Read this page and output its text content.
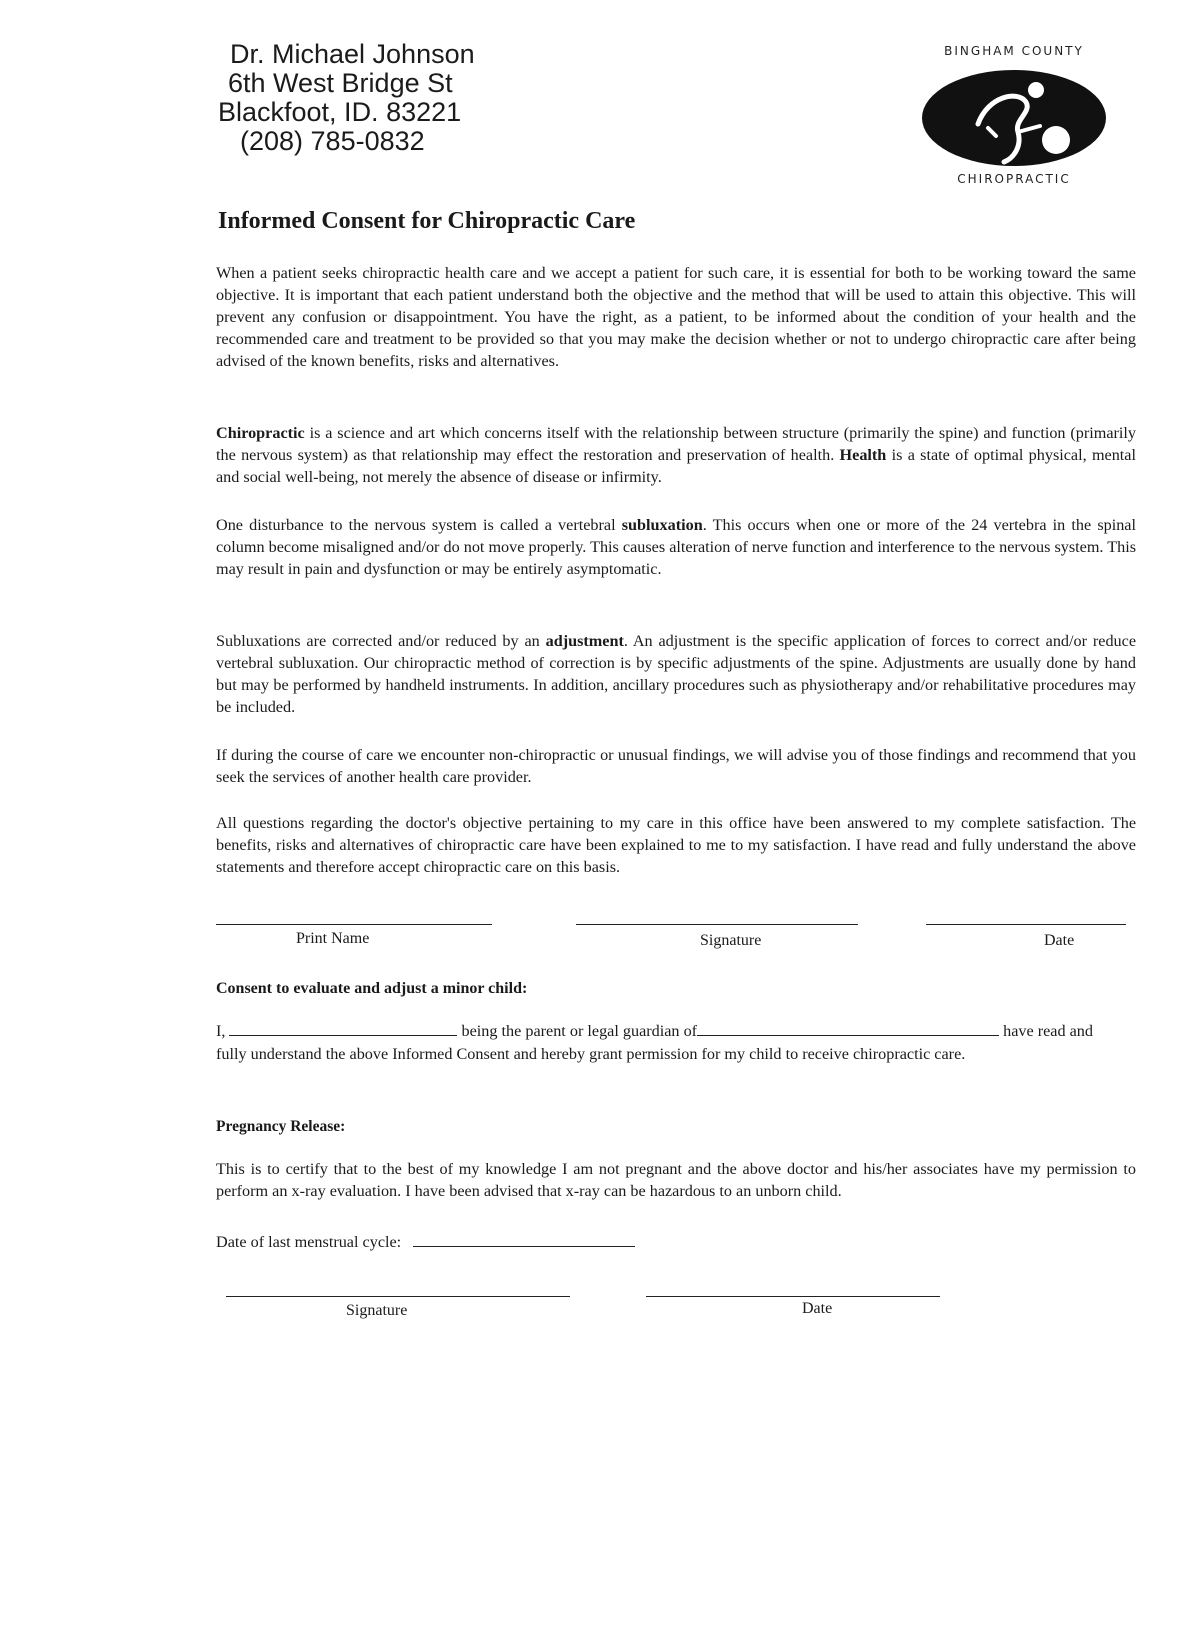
Dr. Michael Johnson
6th West Bridge St
Blackfoot, ID. 83221
(208) 785-0832
BINGHAM COUNTY
CHIROPRACTIC
Informed Consent for Chiropractic Care
When a patient seeks chiropractic health care and we accept a patient for such care, it is essential for both to be working toward the same objective. It is important that each patient understand both the objective and the method that will be used to attain this objective. This will prevent any confusion or disappointment. You have the right, as a patient, to be informed about the condition of your health and the recommended care and treatment to be provided so that you may make the decision whether or not to undergo chiropractic care after being advised of the known benefits, risks and alternatives.
Chiropractic is a science and art which concerns itself with the relationship between structure (primarily the spine) and function (primarily the nervous system) as that relationship may effect the restoration and preservation of health. Health is a state of optimal physical, mental and social well-being, not merely the absence of disease or infirmity.
One disturbance to the nervous system is called a vertebral subluxation. This occurs when one or more of the 24 vertebra in the spinal column become misaligned and/or do not move properly. This causes alteration of nerve function and interference to the nervous system. This may result in pain and dysfunction or may be entirely asymptomatic.
Subluxations are corrected and/or reduced by an adjustment. An adjustment is the specific application of forces to correct and/or reduce vertebral subluxation. Our chiropractic method of correction is by specific adjustments of the spine. Adjustments are usually done by hand but may be performed by handheld instruments. In addition, ancillary procedures such as physiotherapy and/or rehabilitative procedures may be included.
If during the course of care we encounter non-chiropractic or unusual findings, we will advise you of those findings and recommend that you seek the services of another health care provider.
All questions regarding the doctor's objective pertaining to my care in this office have been answered to my complete satisfaction. The benefits, risks and alternatives of chiropractic care have been explained to me to my satisfaction. I have read and fully understand the above statements and therefore accept chiropractic care on this basis.
Print Name	Signature	Date
Consent to evaluate and adjust a minor child:
I,	being the parent or legal guardian of	have read and fully understand the above Informed Consent and hereby grant permission for my child to receive chiropractic care.
Pregnancy Release:
This is to certify that to the best of my knowledge I am not pregnant and the above doctor and his/her associates have my permission to perform an x-ray evaluation. I have been advised that x-ray can be hazardous to an unborn child.
Date of last menstrual cycle:
Signature	Date
